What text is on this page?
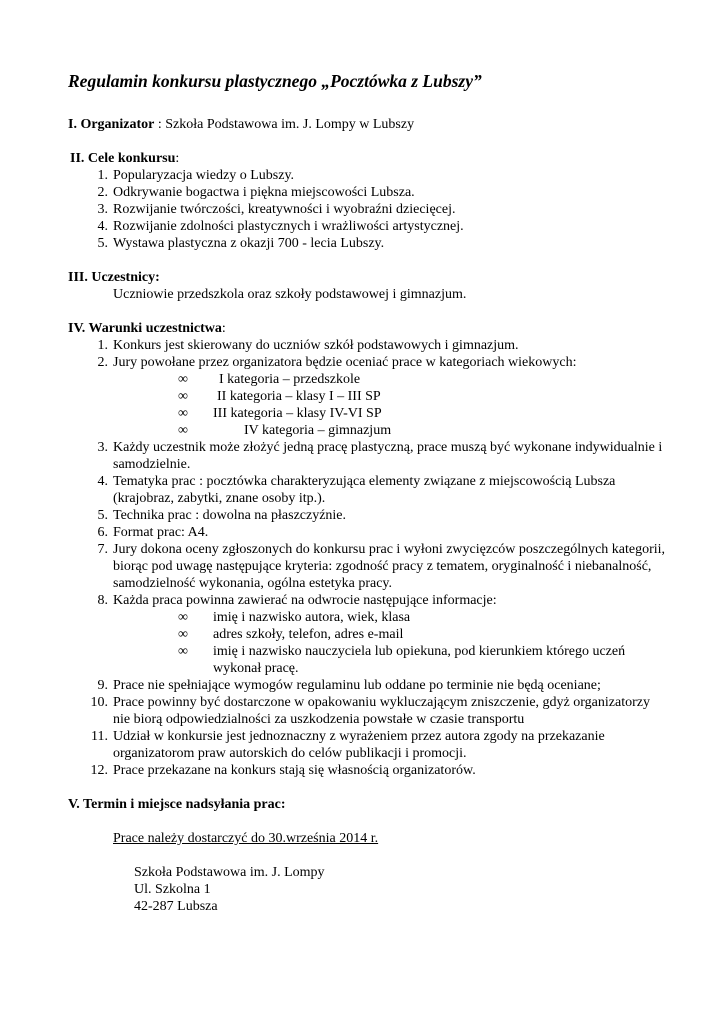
Regulamin konkursu plastycznego „Pocztówka z Lubszy”

I. Organizator : Szkoła Podstawowa im. J. Lompy w Lubszy

II. Cele konkursu:

1. Popularyzacja wiedzy o Lubszy.
2. Odkrywanie bogactwa i piękna miejscowości Lubsza.
3. Rozwijanie twórczości, kreatywności i wyobraźni dziecięcej.
4. Rozwijanie zdolności plastycznych i wrażliwości artystycznej.
5. Wystawa plastyczna z okazji 700 - lecia Lubszy.

III. Uczestnicy:

Uczniowie przedszkola oraz szkoły podstawowej i gimnazjum.

IV. Warunki uczestnictwa:

1. Konkurs jest skierowany do uczniów szkół podstawowych i gimnazjum.
2. Jury powołane przez organizatora będzie oceniać prace w kategoriach wiekowych:
∞ I kategoria – przedszkole
∞ II kategoria – klasy I – III SP
∞ III kategoria – klasy IV-VI SP
∞	IV kategoria – gimnazjum
3. Każdy uczestnik może złożyć jedną pracę plastyczną, prace muszą być wykonane indywidualnie i samodzielnie.
4. Tematyka prac : pocztówka charakteryzująca elementy związane z miejscowością Lubsza (krajobraz, zabytki, znane osoby itp.).
5. Technika prac : dowolna na płaszczyźnie.
6. Format prac: A4.
7. Jury dokona oceny zgłoszonych do konkursu prac i wyłoni zwycięzców poszczególnych kategorii, biorąc pod uwagę następujące kryteria: zgodność pracy z tematem, oryginalność i niebanalność, samodzielność wykonania, ogólna estetyka pracy.
8. Każda praca powinna zawierać na odwrocie następujące informacje:
∞ imię i nazwisko autora, wiek, klasa
∞ adres szkoły, telefon, adres e-mail
∞	imię i nazwisko nauczyciela lub opiekuna, pod kierunkiem którego uczeń wykonał pracę.
9. Prace nie spełniające wymogów regulaminu lub oddane po terminie nie będą oceniane;
10. Prace powinny być dostarczone w opakowaniu wykluczającym zniszczenie, gdyż organizatorzy nie biorą odpowiedzialności za uszkodzenia powstałe w czasie transportu
11. Udział w konkursie jest jednoznaczny z wyrażeniem przez autora zgody na przekazanie organizatorom praw autorskich do celów publikacji i promocji.
12. Prace przekazane na konkurs stają się własnością organizatorów.

V. Termin i miejsce nadsyłania prac:

Prace należy dostarczyć do 30.września 2014 r.

Szkoła Podstawowa im. J. Lompy

Ul. Szkolna 1

42-287 Lubsza
